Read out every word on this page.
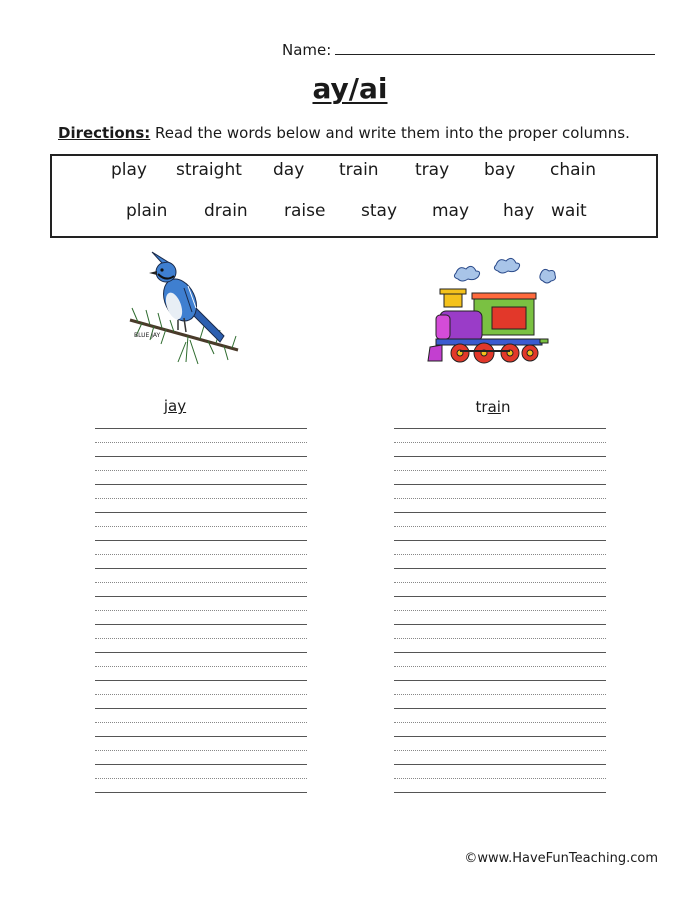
Name:
ay/ai
Directions: Read the words below and write them into the proper columns.
play straight day train tray bay chain
plain drain raise stay may hay wait
BLUE JAY
jay	train
©www.HaveFunTeaching.com
